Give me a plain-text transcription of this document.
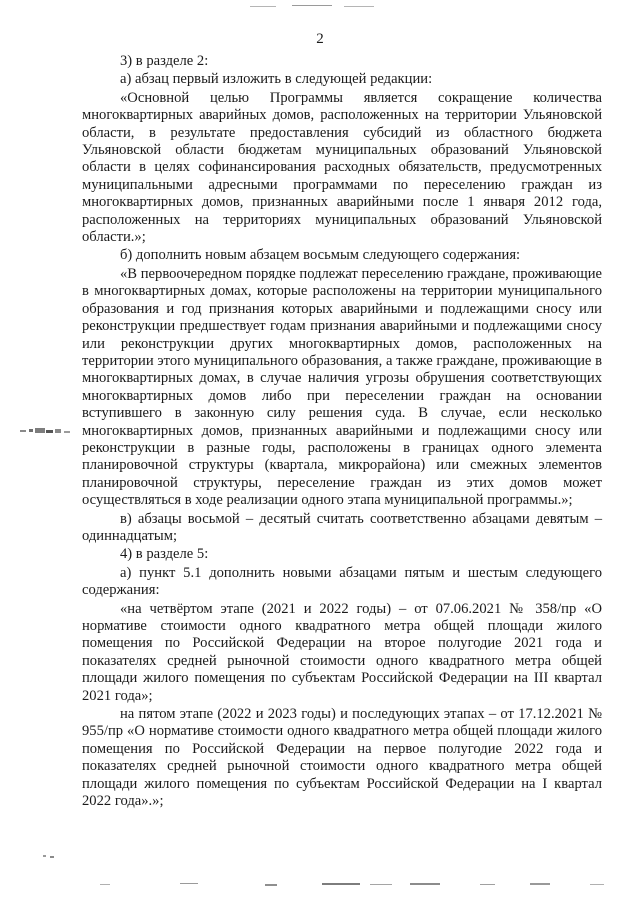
2

3) в разделе 2:

а) абзац первый изложить в следующей редакции:

«Основной целью Программы является сокращение количества многоквартирных аварийных домов, расположенных на территории Ульяновской области, в результате предоставления субсидий из областного бюджета Ульяновской области бюджетам муниципальных образований Ульяновской области в целях софинансирования расходных обязательств, предусмотренных муниципальными адресными программами по переселению граждан из многоквартирных домов, признанных аварийными после 1 января 2012 года, расположенных на территориях муниципальных образований Ульяновской области.»;

б) дополнить новым абзацем восьмым следующего содержания:

«В первоочередном порядке подлежат переселению граждане, проживающие в многоквартирных домах, которые расположены на территории муниципального образования и год признания которых аварийными и подлежащими сносу или реконструкции предшествует годам признания аварийными и подлежащими сносу или реконструкции других многоквартирных домов, расположенных на территории этого муниципального образования, а также граждане, проживающие в многоквартирных домах, в случае наличия угрозы обрушения соответствующих многоквартирных домов либо при переселении граждан на основании вступившего в законную силу решения суда. В случае, если несколько многоквартирных домов, признанных аварийными и подлежащими сносу или реконструкции в разные годы, расположены в границах одного элемента планировочной структуры (квартала, микрорайона) или смежных элементов планировочной структуры, переселение граждан из этих домов может осуществляться в ходе реализации одного этапа муниципальной программы.»;

в) абзацы восьмой – десятый считать соответственно абзацами девятым – одиннадцатым;

4) в разделе 5:

а) пункт 5.1 дополнить новыми абзацами пятым и шестым следующего содержания:

«на четвёртом этапе (2021 и 2022 годы) – от 07.06.2021 № 358/пр «О нормативе стоимости одного квадратного метра общей площади жилого помещения по Российской Федерации на второе полугодие 2021 года и показателях средней рыночной стоимости одного квадратного метра общей площади жилого помещения по субъектам Российской Федерации на III квартал 2021 года»;

на пятом этапе (2022 и 2023 годы) и последующих этапах – от 17.12.2021 № 955/пр «О нормативе стоимости одного квадратного метра общей площади жилого помещения по Российской Федерации на первое полугодие 2022 года и показателях средней рыночной стоимости одного квадратного метра общей площади жилого помещения по субъектам Российской Федерации на I квартал 2022 года».»;
